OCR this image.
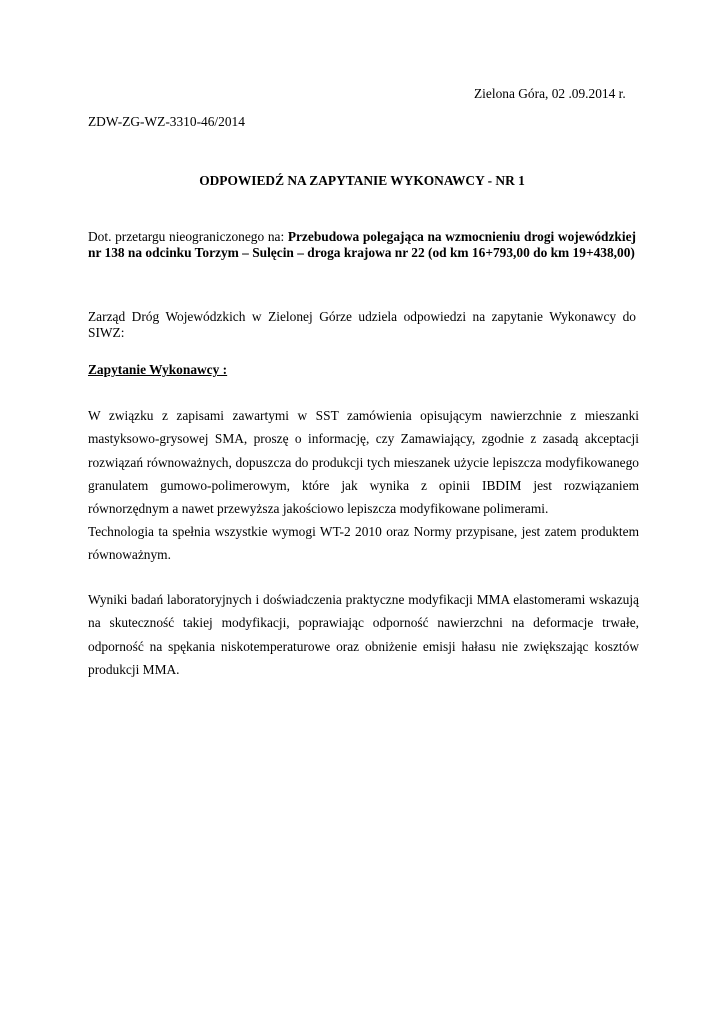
Zielona Góra, 02 .09.2014 r.
ZDW-ZG-WZ-3310-46/2014
ODPOWIEDŹ NA ZAPYTANIE WYKONAWCY - NR 1
Dot. przetargu nieograniczonego na: Przebudowa polegająca na wzmocnieniu drogi wojewódzkiej nr 138 na odcinku Torzym – Sulęcin – droga krajowa nr 22 (od km 16+793,00 do km 19+438,00)
Zarząd Dróg Wojewódzkich w Zielonej Górze udziela odpowiedzi na zapytanie Wykonawcy do SIWZ:
Zapytanie Wykonawcy :

W związku z zapisami zawartymi w SST zamówienia opisującym nawierzchnie z mieszanki mastyksowo-grysowej SMA, proszę o informację, czy Zamawiający, zgodnie z zasadą akceptacji rozwiązań równoważnych, dopuszcza do produkcji tych mieszanek użycie lepiszcza modyfikowanego granulatem gumowo-polimerowym, które jak wynika z opinii IBDIM jest rozwiązaniem równorzędnym a nawet przewyższa jakościowo lepiszcza modyfikowane polimerami.

Technologia ta spełnia wszystkie wymogi WT-2 2010 oraz Normy przypisane, jest zatem produktem równoważnym.

Wyniki badań laboratoryjnych i doświadczenia praktyczne modyfikacji MMA elastomerami wskazują na skuteczność takiej modyfikacji, poprawiając odporność nawierzchni na deformacje trwałe, odporność na spękania niskotemperaturowe oraz obniżenie emisji hałasu nie zwiększając kosztów produkcji MMA.
